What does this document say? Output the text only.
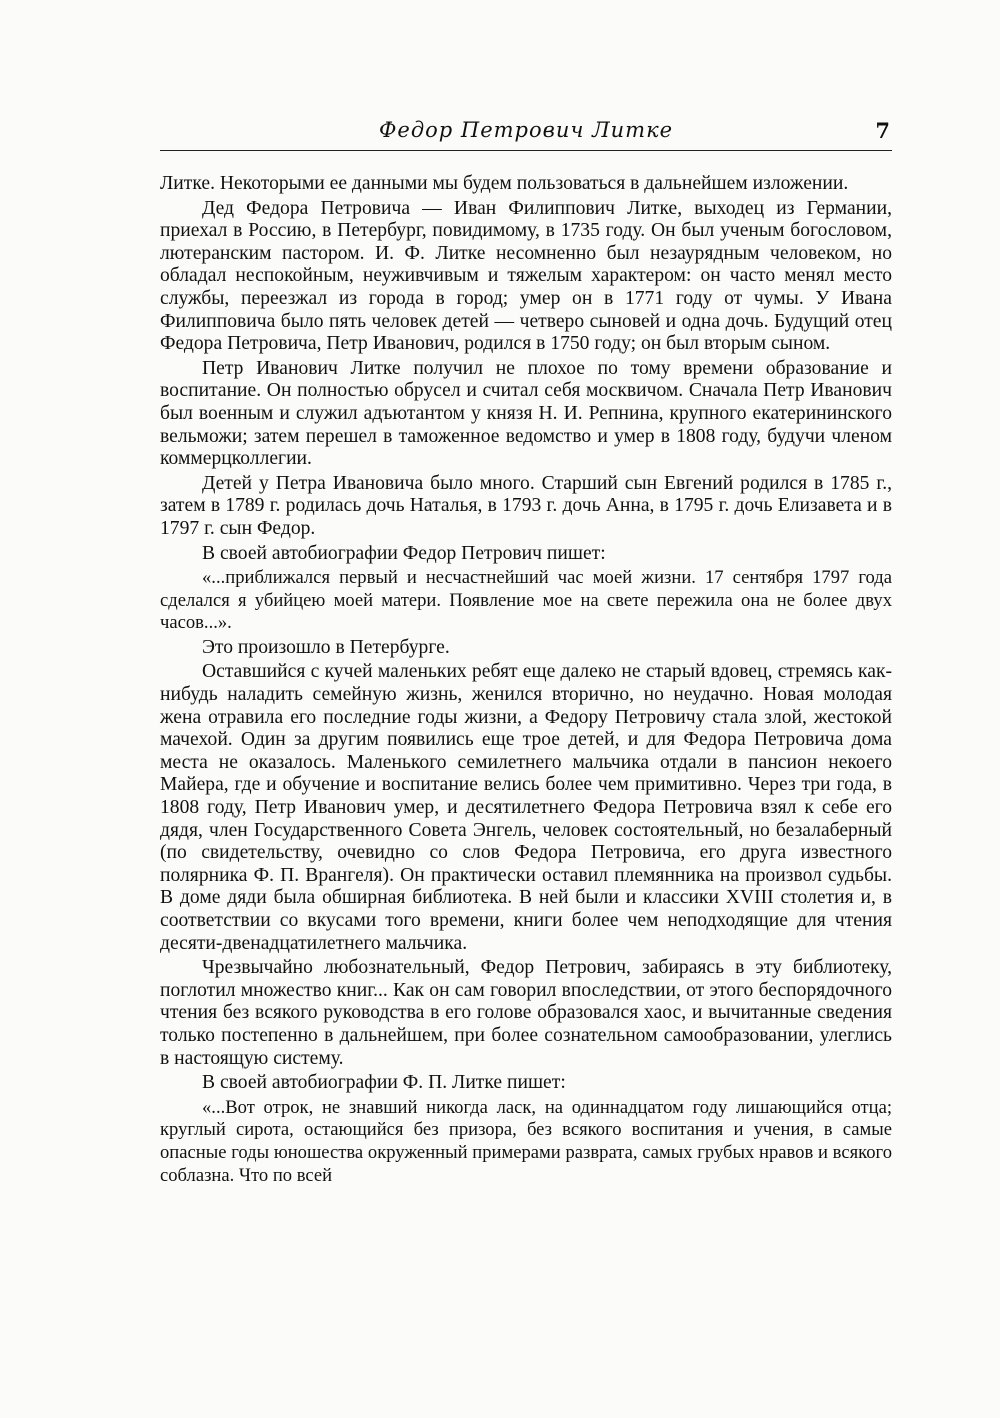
Федор Петрович Литке	7

Литке. Некоторыми ее данными мы будем пользоваться в дальнейшем изложении.

Дед Федора Петровича — Иван Филиппович Литке, выходец из Германии, приехал в Россию, в Петербург, повидимому, в 1735 году. Он был ученым богословом, лютеранским пастором. И. Ф. Литке несомненно был незаурядным человеком, но обладал неспокойным, неуживчивым и тяжелым характером: он часто менял место службы, переезжал из города в город; умер он в 1771 году от чумы. У Ивана Филипповича было пять человек детей — четверо сыновей и одна дочь. Будущий отец Федора Петровича, Петр Иванович, родился в 1750 году; он был вторым сыном.

Петр Иванович Литке получил не плохое по тому времени образование и воспитание. Он полностью обрусел и считал себя москвичом. Сначала Петр Иванович был военным и служил адъютантом у князя Н. И. Репнина, крупного екатерининского вельможи; затем перешел в таможенное ведомство и умер в 1808 году, будучи членом коммерцколлегии.

Детей у Петра Ивановича было много. Старший сын Евгений родился в 1785 г., затем в 1789 г. родилась дочь Наталья, в 1793 г. дочь Анна, в 1795 г. дочь Елизавета и в 1797 г. сын Федор.

В своей автобиографии Федор Петрович пишет:

«...приближался первый и несчастнейший час моей жизни. 17 сентября 1797 года сделался я убийцею моей матери. Появление мое на свете пережила она не более двух часов...».

Это произошло в Петербурге.

Оставшийся с кучей маленьких ребят еще далеко не старый вдовец, стремясь как-нибудь наладить семейную жизнь, женился вторично, но неудачно. Новая молодая жена отравила его последние годы жизни, а Федору Петровичу стала злой, жестокой мачехой. Один за другим появились еще трое детей, и для Федора Петровича дома места не оказалось. Маленького семилетнего мальчика отдали в пансион некоего Майера, где и обучение и воспитание велись более чем примитивно. Через три года, в 1808 году, Петр Иванович умер, и десятилетнего Федора Петровича взял к себе его дядя, член Государственного Совета Энгель, человек состоятельный, но безалаберный (по свидетельству, очевидно со слов Федора Петровича, его друга известного полярника Ф. П. Врангеля). Он практически оставил племянника на произвол судьбы. В доме дяди была обширная библиотека. В ней были и классики XVIII столетия и, в соответствии со вкусами того времени, книги более чем неподходящие для чтения десяти-двенадцатилетнего мальчика.

Чрезвычайно любознательный, Федор Петрович, забираясь в эту библиотеку, поглотил множество книг... Как он сам говорил впоследствии, от этого беспорядочного чтения без всякого руководства в его голове образовался хаос, и вычитанные сведения только постепенно в дальнейшем, при более сознательном самообразовании, улеглись в настоящую систему.

В своей автобиографии Ф. П. Литке пишет:

«...Вот отрок, не знавший никогда ласк, на одиннадцатом году лишающийся отца; круглый сирота, остающийся без призора, без всякого воспитания и учения, в самые опасные годы юношества окруженный примерами разврата, самых грубых нравов и всякого соблазна. Что по всей
